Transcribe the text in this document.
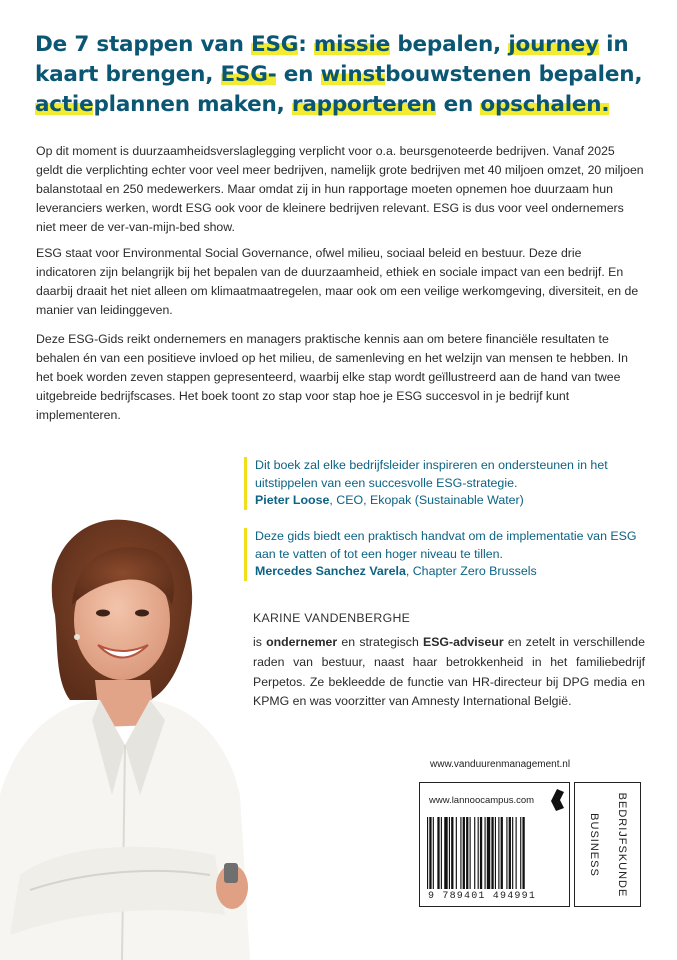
De 7 stappen van ESG: missie bepalen, journey in kaart brengen, ESG- en winstbouwstenen bepalen, actieplannen maken, rapporteren en opschalen.

Op dit moment is duurzaamheidsverslaglegging verplicht voor o.a. beursgenoteerde bedrijven. Vanaf 2025 geldt die verplichting echter voor veel meer bedrijven, namelijk grote bedrijven met 40 miljoen omzet, 20 miljoen balanstotaal en 250 medewerkers. Maar omdat zij in hun rapportage moeten opnemen hoe duurzaam hun leveranciers werken, wordt ESG ook voor de kleinere bedrijven relevant. ESG is dus voor veel ondernemers niet meer de ver-van-mijn-bed show.

ESG staat voor Environmental Social Governance, ofwel milieu, sociaal beleid en bestuur. Deze drie indicatoren zijn belangrijk bij het bepalen van de duurzaamheid, ethiek en sociale impact van een bedrijf. En daarbij draait het niet alleen om klimaatmaatregelen, maar ook om een veilige werkomgeving, diversiteit, en de manier van leidinggeven.

Deze ESG-Gids reikt ondernemers en managers praktische kennis aan om betere financiële resultaten te behalen én van een positieve invloed op het milieu, de samenleving en het welzijn van mensen te hebben. In het boek worden zeven stappen gepresenteerd, waarbij elke stap wordt geïllustreerd aan de hand van twee uitgebreide bedrijfscases. Het boek toont zo stap voor stap hoe je ESG succesvol in je bedrijf kunt implementeren.

Dit boek zal elke bedrijfsleider inspireren en ondersteunen in het uitstippelen van een succesvolle ESG-strategie.
Pieter Loose, CEO, Ekopak (Sustainable Water)
Deze gids biedt een praktisch handvat om de implementatie van ESG aan te vatten of tot een hoger niveau te tillen.
Mercedes Sanchez Varela, Chapter Zero Brussels

KARINE VANDENBERGHE

is ondernemer en strategisch ESG-adviseur en zetelt in verschillende raden van bestuur, naast haar betrokkenheid in het familiebedrijf Perpetos. Ze bekleedde de functie van HR-directeur bij DPG media en KPMG en was voorzitter van Amnesty International België.

www.vanduurenmanagement.nl
www.lannoocampus.com
9 789401 494991	BEDRIJFSKUNDE
BUSINESS
